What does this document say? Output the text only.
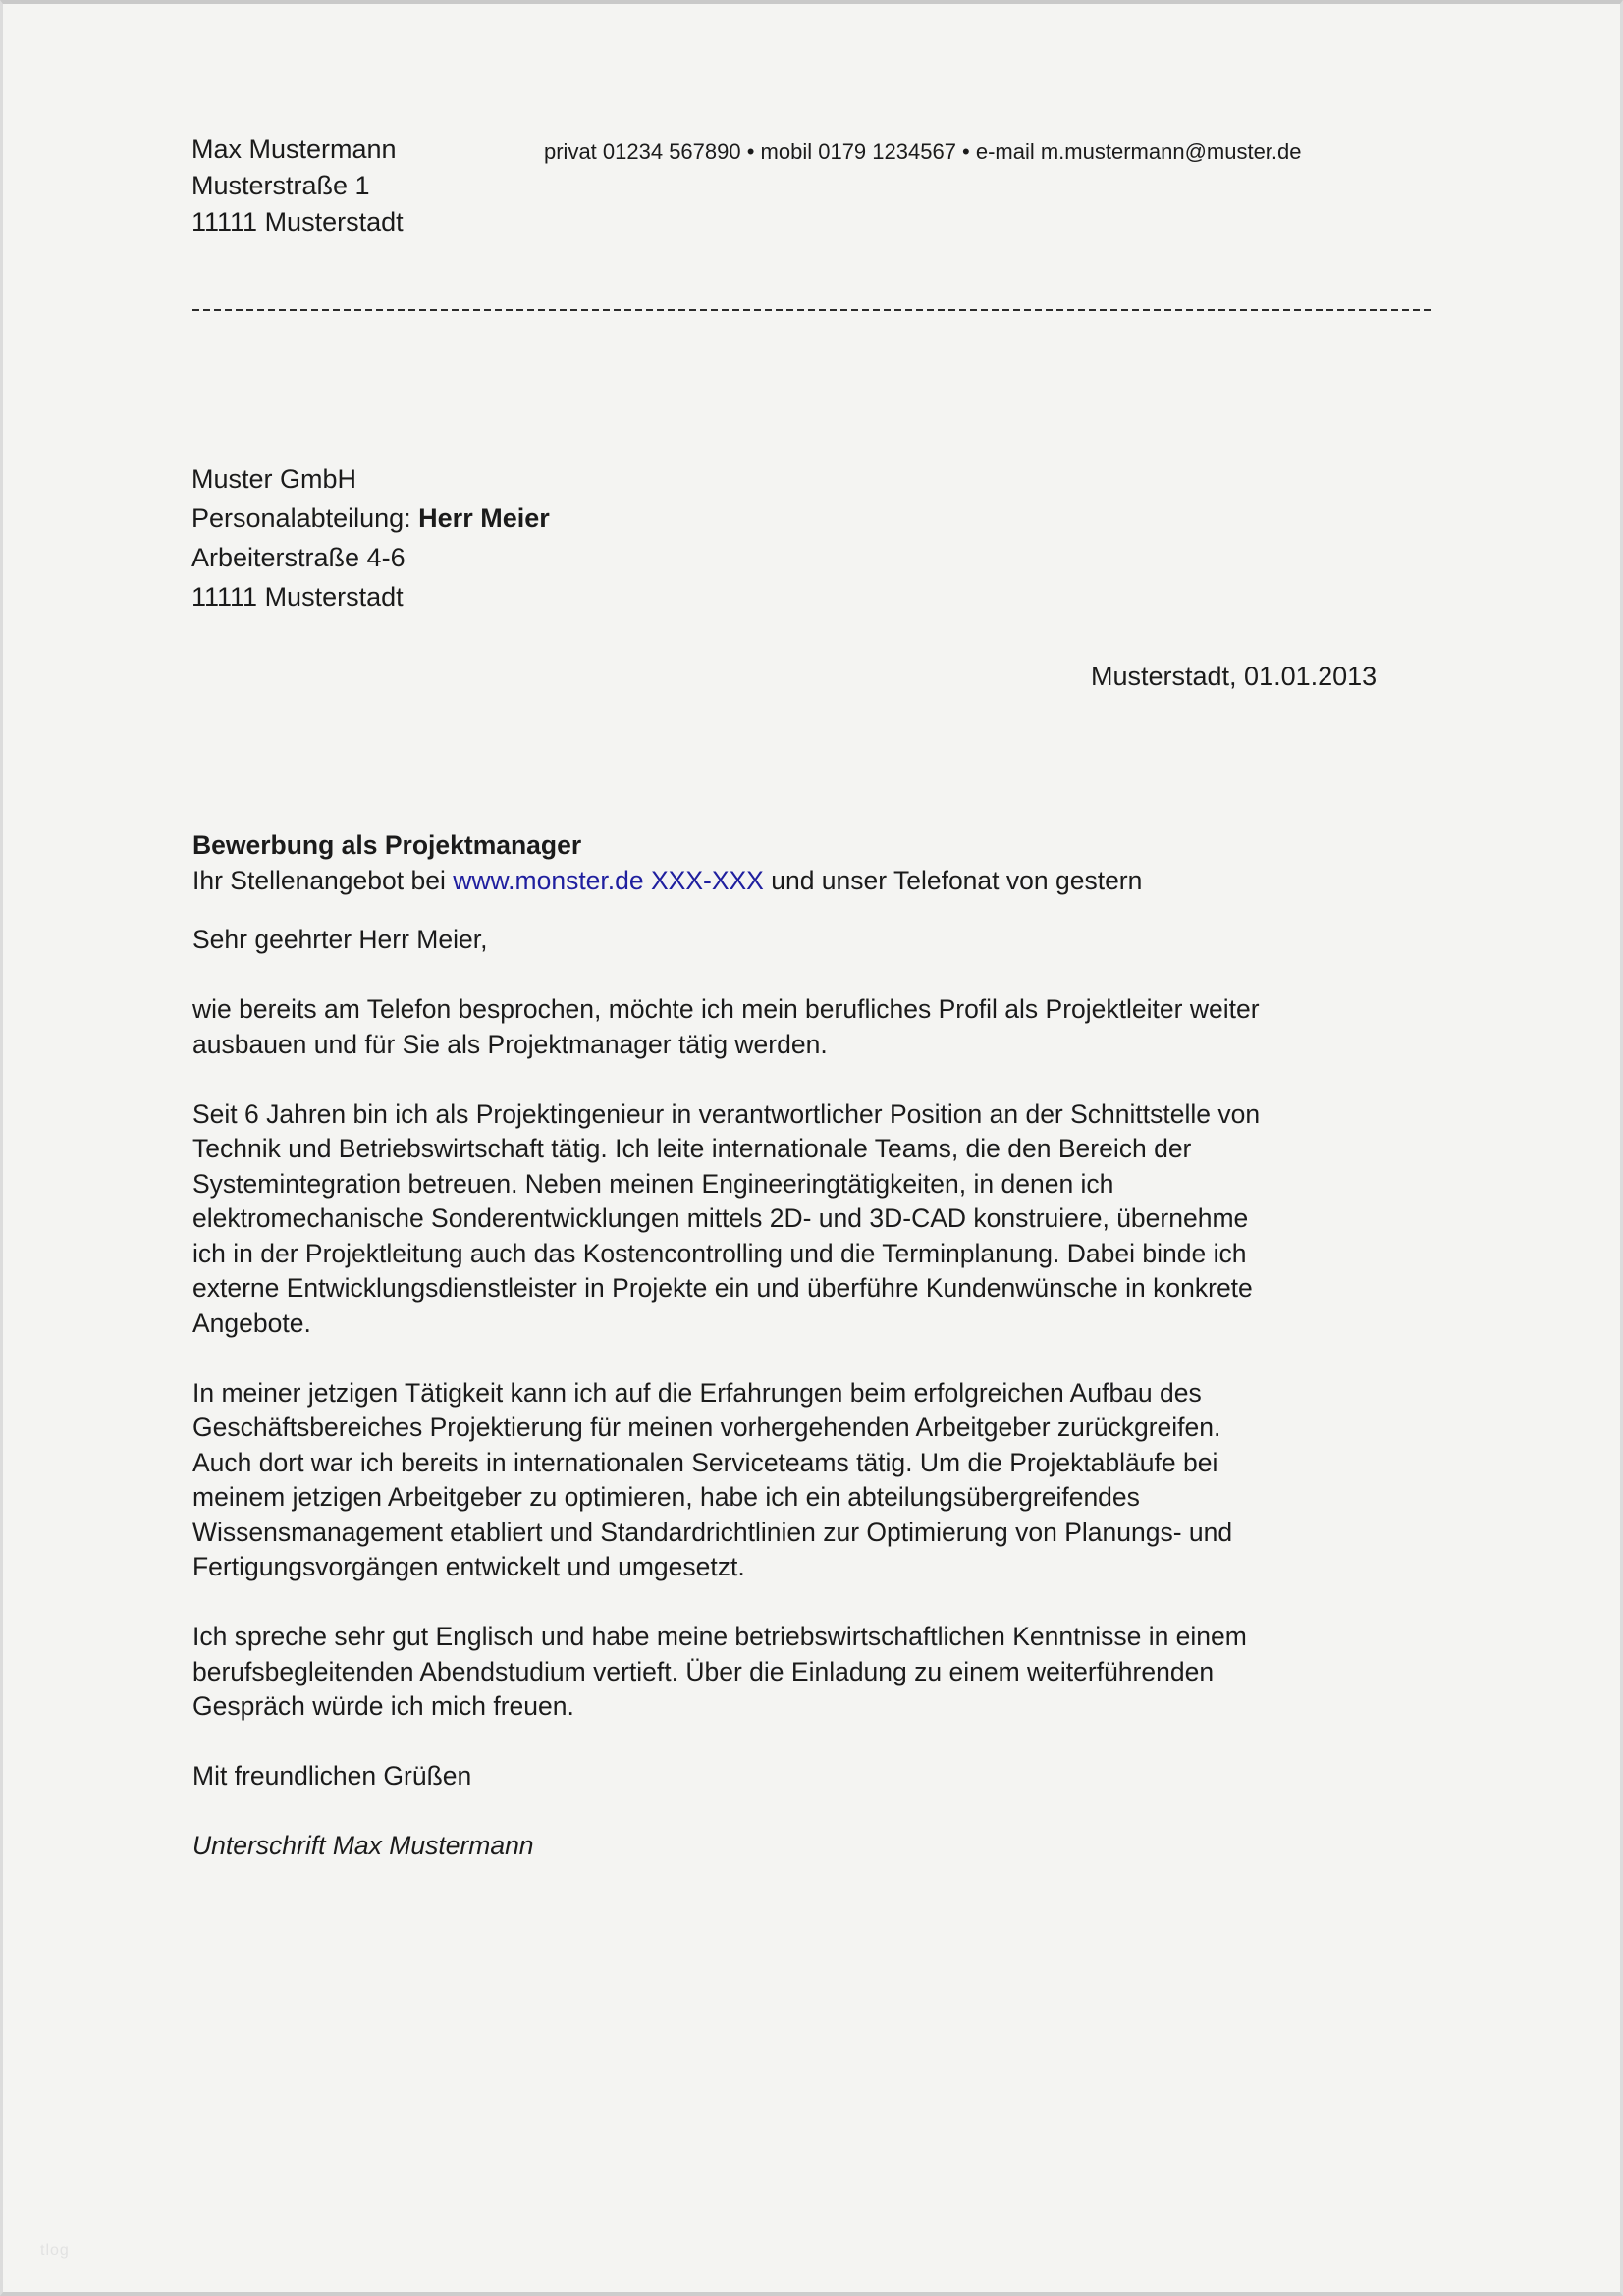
Max Mustermann
Musterstraße 1
11111 Musterstadt
privat 01234 567890 • mobil 0179 1234567 • e-mail m.mustermann@muster.de
Muster GmbH
Personalabteilung: Herr Meier
Arbeiterstraße 4-6
11111 Musterstadt
Musterstadt, 01.01.2013
Bewerbung als Projektmanager
Ihr Stellenangebot bei www.monster.de XXX-XXX und unser Telefonat von gestern
Sehr geehrter Herr Meier,
wie bereits am Telefon besprochen, möchte ich mein berufliches Profil als Projektleiter weiter
ausbauen und für Sie als Projektmanager tätig werden.
Seit 6 Jahren bin ich als Projektingenieur in verantwortlicher Position an der Schnittstelle von
Technik und Betriebswirtschaft tätig. Ich leite internationale Teams, die den Bereich der
Systemintegration betreuen. Neben meinen Engineeringtätigkeiten, in denen ich
elektromechanische Sonderentwicklungen mittels 2D- und 3D-CAD konstruiere, übernehme
ich in der Projektleitung auch das Kostencontrolling und die Terminplanung. Dabei binde ich
externe Entwicklungsdienstleister in Projekte ein und überführe Kundenwünsche in konkrete
Angebote.
In meiner jetzigen Tätigkeit kann ich auf die Erfahrungen beim erfolgreichen Aufbau des
Geschäftsbereiches Projektierung für meinen vorhergehenden Arbeitgeber zurückgreifen.
Auch dort war ich bereits in internationalen Serviceteams tätig. Um die Projektabläufe bei
meinem jetzigen Arbeitgeber zu optimieren, habe ich ein abteilungsübergreifendes
Wissensmanagement etabliert und Standardrichtlinien zur Optimierung von Planungs- und
Fertigungsvorgängen entwickelt und umgesetzt.
Ich spreche sehr gut Englisch und habe meine betriebswirtschaftlichen Kenntnisse in einem
berufsbegleitenden Abendstudium vertieft. Über die Einladung zu einem weiterführenden
Gespräch würde ich mich freuen.
Mit freundlichen Grüßen
Unterschrift Max Mustermann
tlog
